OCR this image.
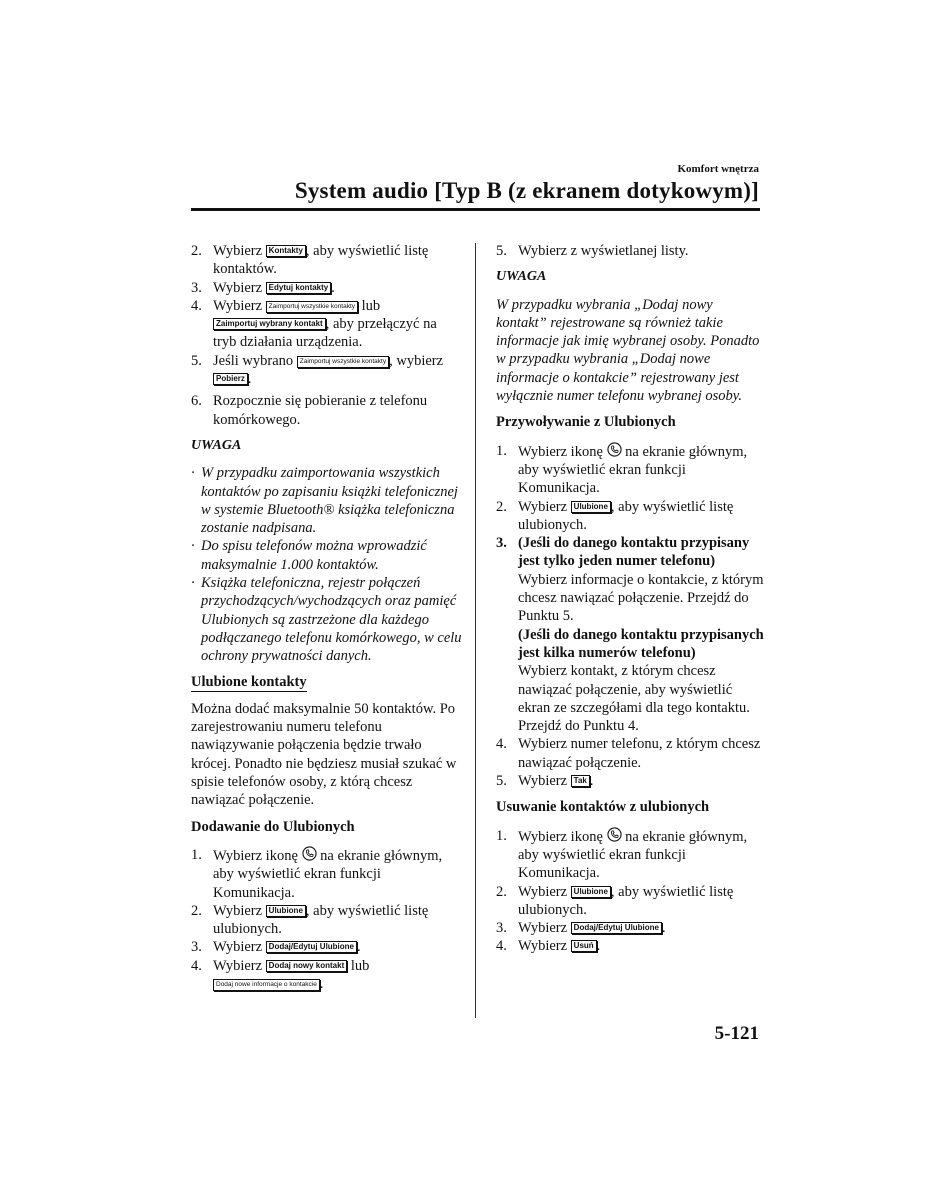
Komfort wnętrza
System audio [Typ B (z ekranem dotykowym)]
2. Wybierz Kontakty , aby wyświetlić listę kontaktów.
3. Wybierz Edytuj kontakty .
4. Wybierz Zaimportuj wszystkie kontakty lub Zaimportuj wybrany kontakt , aby przełączyć na tryb działania urządzenia.
5. Jeśli wybrano Zaimportuj wszystkie kontakty , wybierz Pobierz .
6. Rozpocznie się pobieranie z telefonu komórkowego.
UWAGA
· W przypadku zaimportowania wszystkich kontaktów po zapisaniu książki telefonicznej w systemie Bluetooth® książka telefoniczna zostanie nadpisana.
· Do spisu telefonów można wprowadzić maksymalnie 1.000 kontaktów.
· Książka telefoniczna, rejestr połączeń przychodzących/wychodzących oraz pamięć Ulubionych są zastrzeżone dla każdego podłączanego telefonu komórkowego, w celu ochrony prywatności danych.
Ulubione kontakty
Można dodać maksymalnie 50 kontaktów. Po zarejestrowaniu numeru telefonu nawiązywanie połączenia będzie trwało krócej. Ponadto nie będziesz musiał szukać w spisie telefonów osoby, z którą chcesz nawiązać połączenie.
Dodawanie do Ulubionych
1. Wybierz ikonę  na ekranie głównym, aby wyświetlić ekran funkcji Komunikacja.
2. Wybierz Ulubione , aby wyświetlić listę ulubionych.
3. Wybierz Dodaj/Edytuj Ulubione .
4. Wybierz Dodaj nowy kontakt lub
Dodaj nowe informacje o kontakcie .
5. Wybierz z wyświetlanej listy.
UWAGA
W przypadku wybrania „Dodaj nowy kontakt” rejestrowane są również takie informacje jak imię wybranej osoby. Ponadto w przypadku wybrania „Dodaj nowe informacje o kontakcie” rejestrowany jest wyłącznie numer telefonu wybranej osoby.
Przywoływanie z Ulubionych
1. Wybierz ikonę  na ekranie głównym, aby wyświetlić ekran funkcji Komunikacja.
2. Wybierz Ulubione , aby wyświetlić listę ulubionych.
3. (Jeśli do danego kontaktu przypisany jest tylko jeden numer telefonu)
Wybierz informacje o kontakcie, z którym chcesz nawiązać połączenie. Przejdź do Punktu 5.
(Jeśli do danego kontaktu przypisanych jest kilka numerów telefonu)
Wybierz kontakt, z którym chcesz nawiązać połączenie, aby wyświetlić ekran ze szczegółami dla tego kontaktu. Przejdź do Punktu 4.
4. Wybierz numer telefonu, z którym chcesz nawiązać połączenie.
5. Wybierz Tak .
Usuwanie kontaktów z ulubionych
1. Wybierz ikonę  na ekranie głównym, aby wyświetlić ekran funkcji Komunikacja.
2. Wybierz Ulubione , aby wyświetlić listę ulubionych.
3. Wybierz Dodaj/Edytuj Ulubione .
4. Wybierz Usuń .
5-121
